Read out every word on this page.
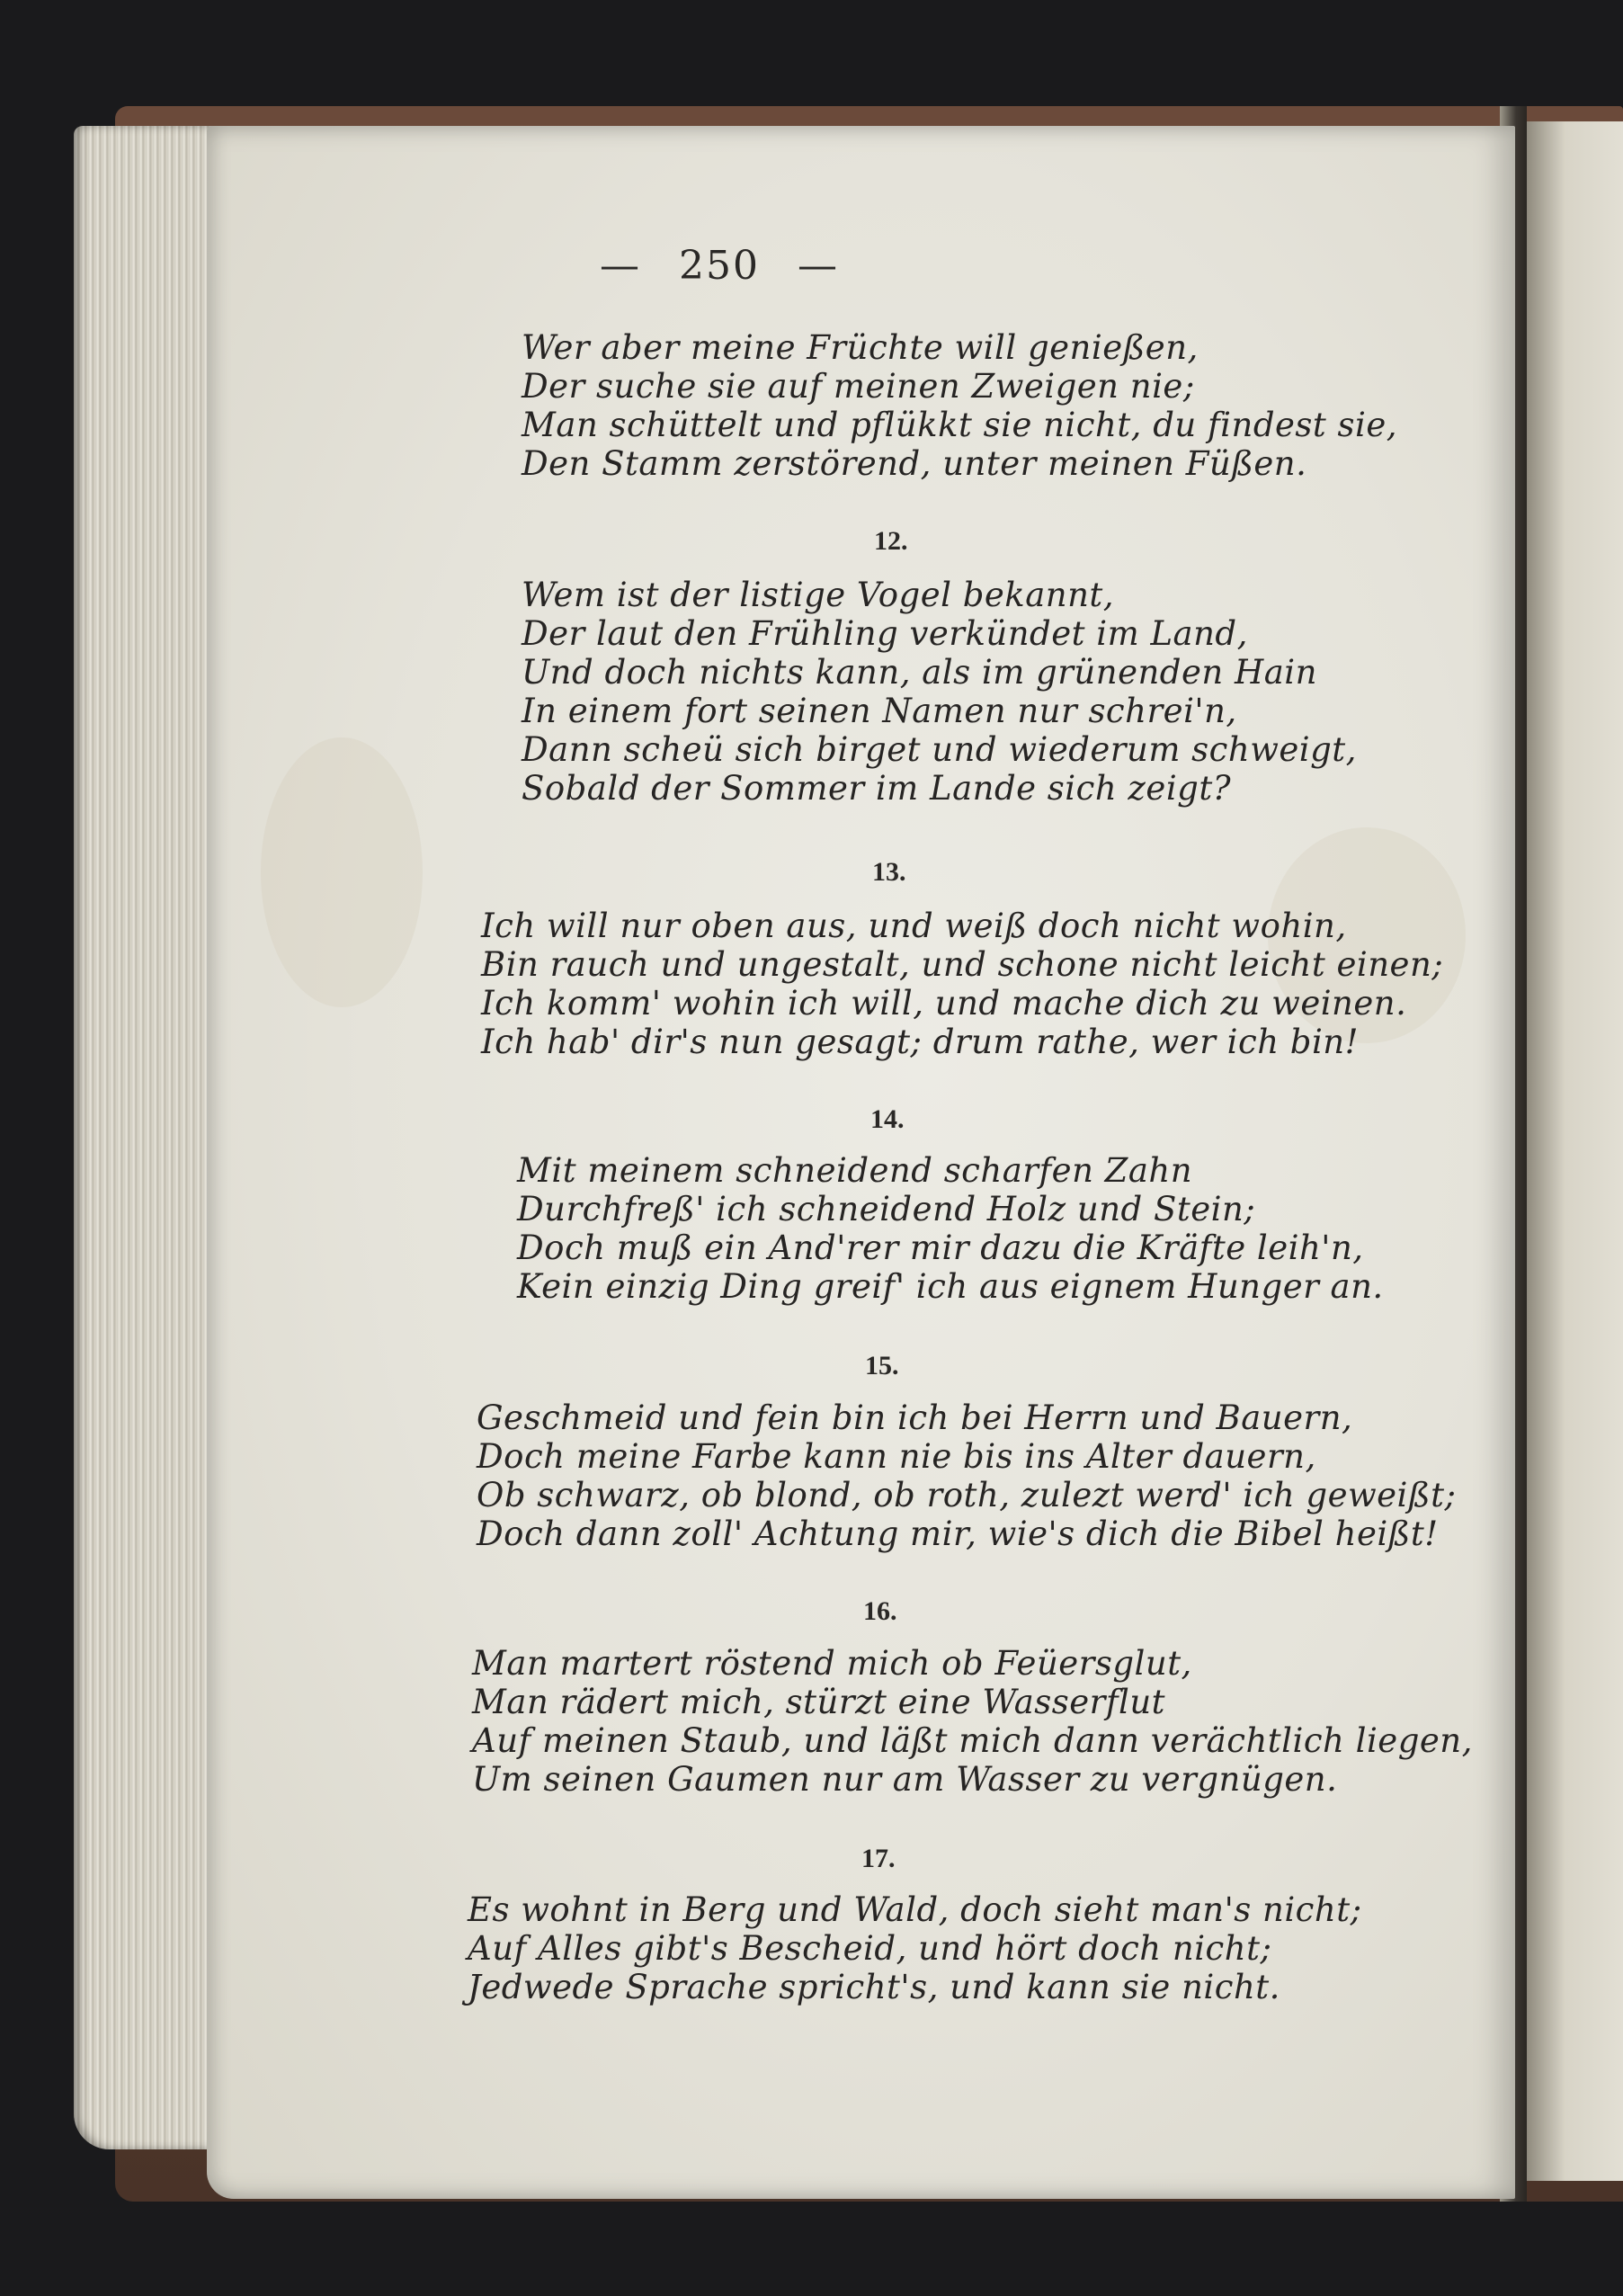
— 250 —
Wer aber meine Früchte will genießen,
Der suche sie auf meinen Zweigen nie;
Man schüttelt und pflükkt sie nicht, du findest sie,
Den Stamm zerstörend, unter meinen Füßen.
12.
Wem ist der listige Vogel bekannt,
Der laut den Frühling verkündet im Land,
Und doch nichts kann, als im grünenden Hain
In einem fort seinen Namen nur schrei'n,
Dann scheü sich birget und wiederum schweigt,
Sobald der Sommer im Lande sich zeigt?
13.
Ich will nur oben aus, und weiß doch nicht wohin,
Bin rauch und ungestalt, und schone nicht leicht einen;
Ich komm' wohin ich will, und mache dich zu weinen.
Ich hab' dir's nun gesagt; drum rathe, wer ich bin!
14.
Mit meinem schneidend scharfen Zahn
Durchfreß' ich schneidend Holz und Stein;
Doch muß ein And'rer mir dazu die Kräfte leih'n,
Kein einzig Ding greif' ich aus eignem Hunger an.
15.
Geschmeid und fein bin ich bei Herrn und Bauern,
Doch meine Farbe kann nie bis ins Alter dauern,
Ob schwarz, ob blond, ob roth, zulezt werd' ich geweißt;
Doch dann zoll' Achtung mir, wie's dich die Bibel heißt!
16.
Man martert röstend mich ob Feüersglut,
Man rädert mich, stürzt eine Wasserflut
Auf meinen Staub, und läßt mich dann verächtlich liegen,
Um seinen Gaumen nur am Wasser zu vergnügen.
17.
Es wohnt in Berg und Wald, doch sieht man's nicht;
Auf Alles gibt's Bescheid, und hört doch nicht;
Jedwede Sprache spricht's, und kann sie nicht.
